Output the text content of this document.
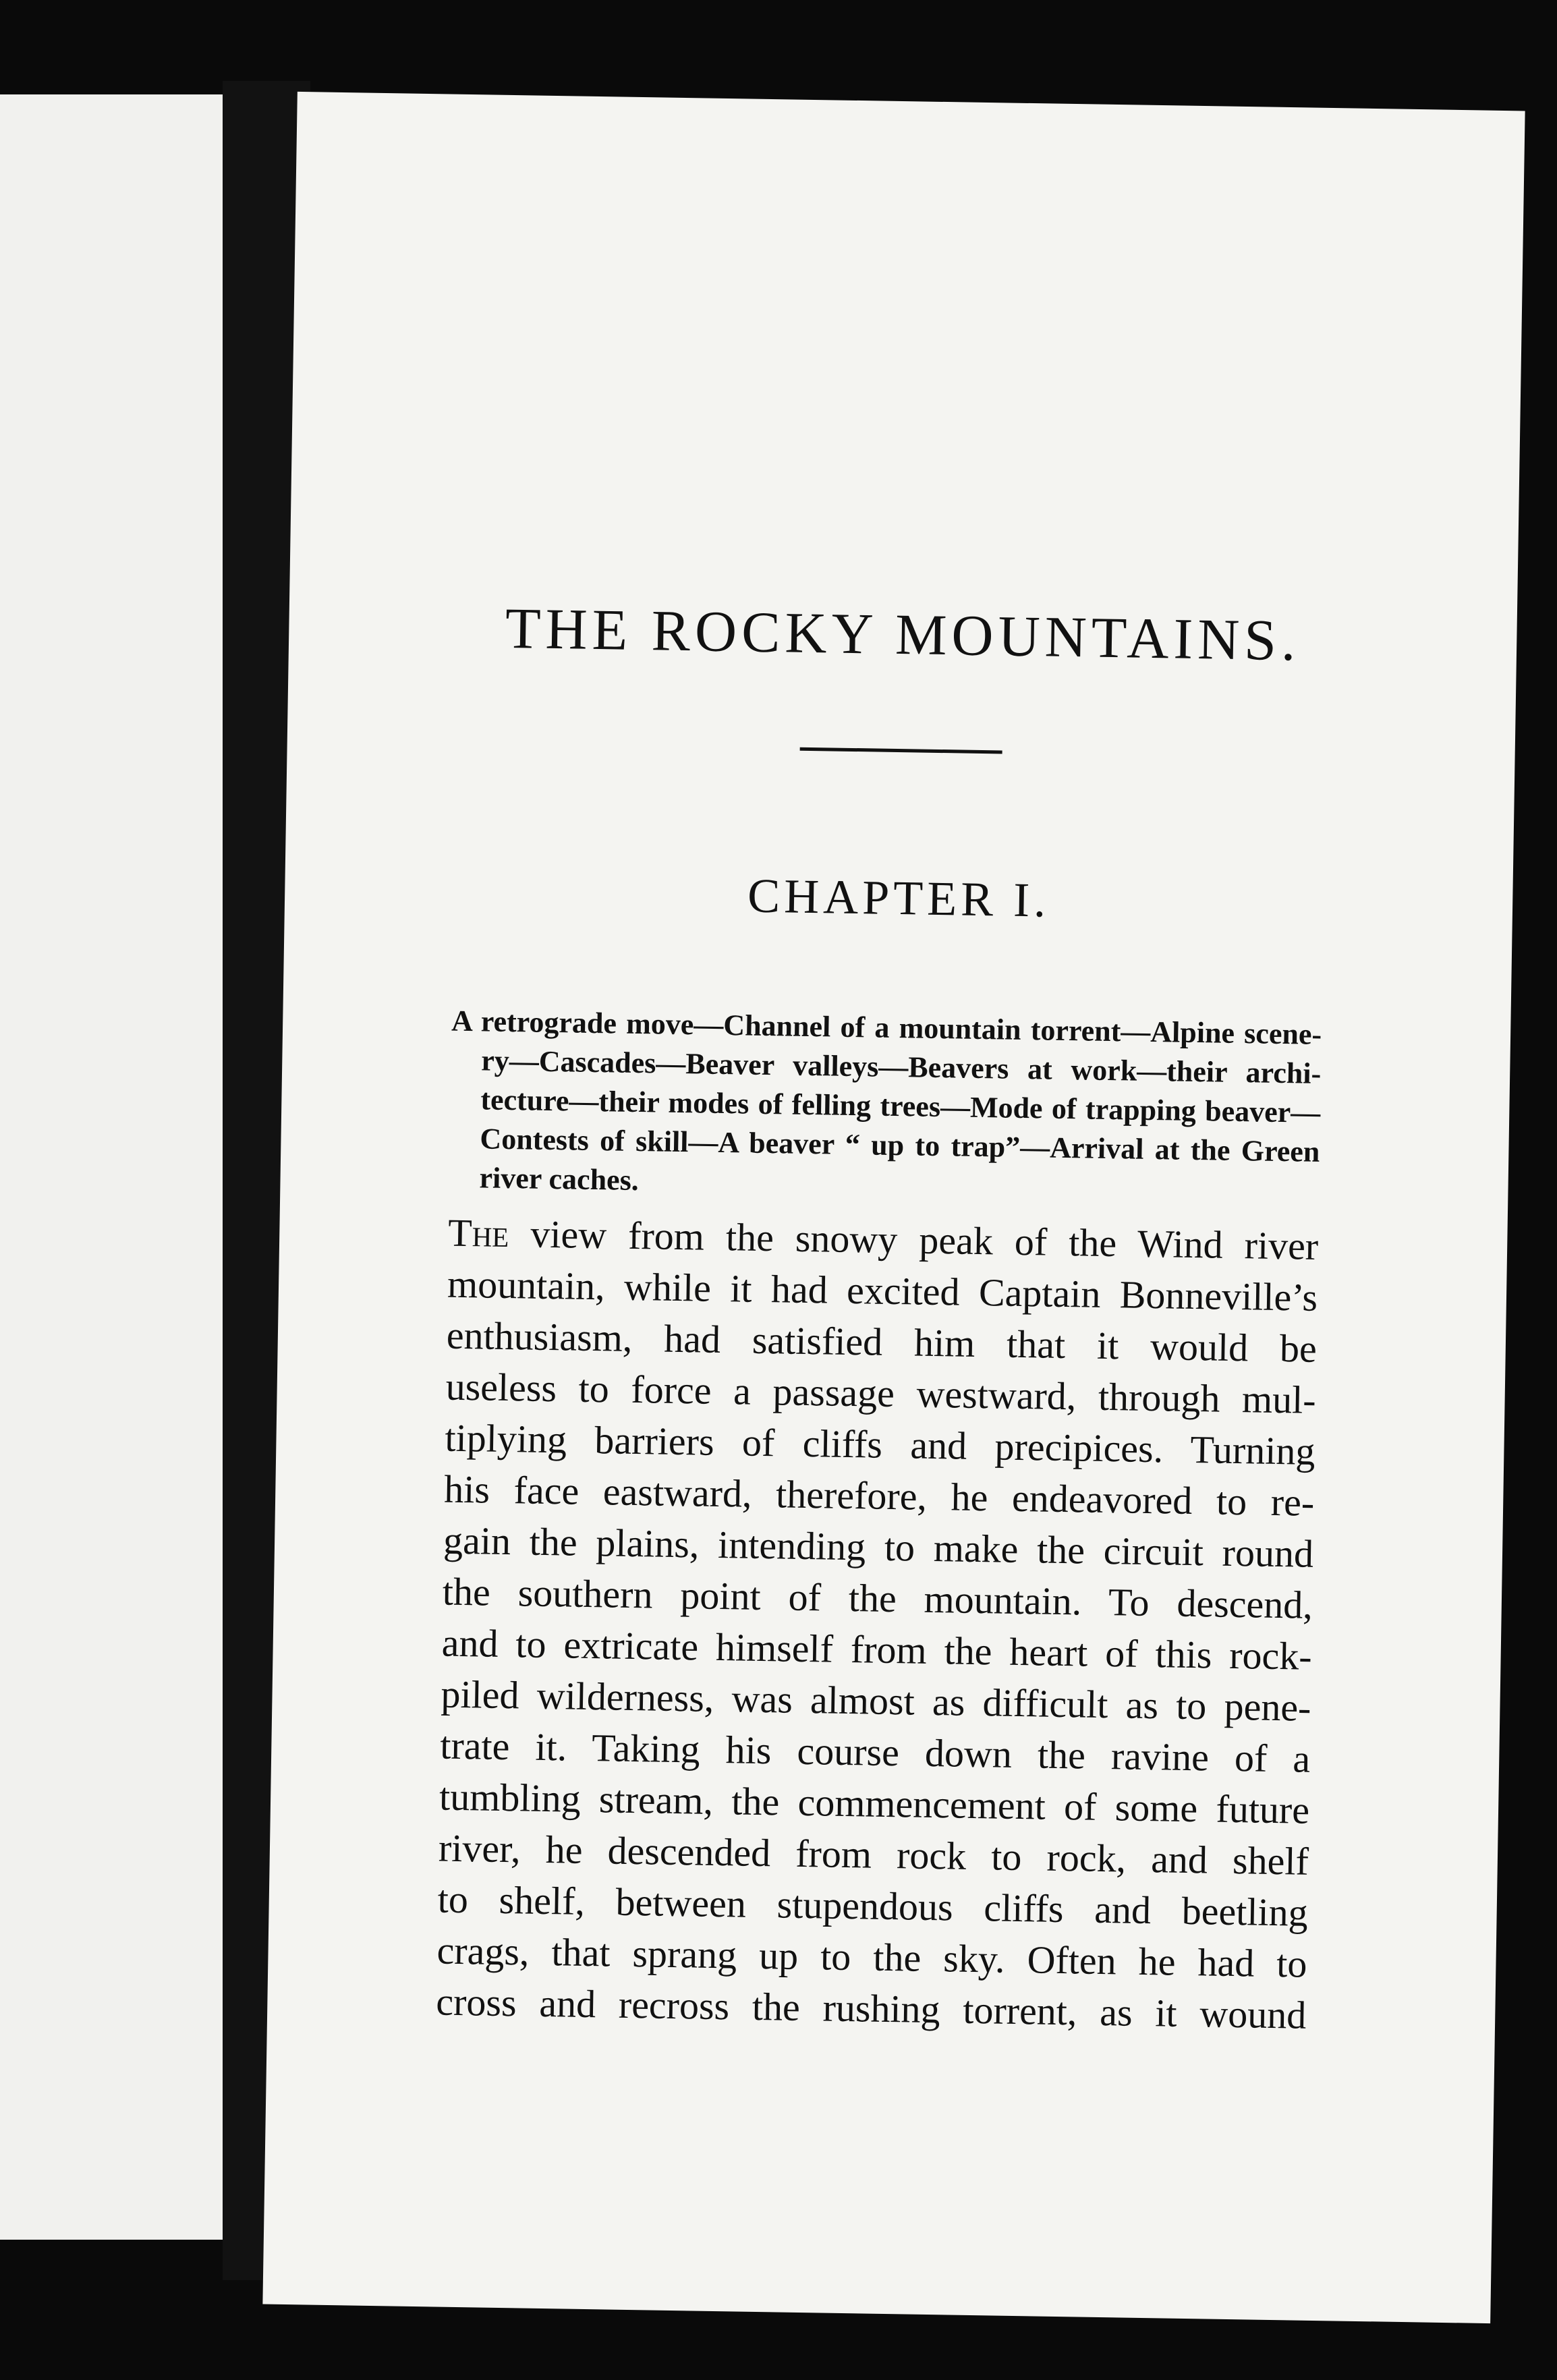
THE ROCKY MOUNTAINS.
CHAPTER I.

A retrograde move—Channel of a mountain torrent—Alpine scene-
ry—Cascades—Beaver valleys—Beavers at work—their archi-
tecture—their modes of felling trees—Mode of trapping beaver—
Contests of skill—A beaver “ up to trap”—Arrival at the Green
river caches.

The view from the snowy peak of the Wind river
mountain, while it had excited Captain Bonneville’s
enthusiasm, had satisfied him that it would be
useless to force a passage westward, through mul-
tiplying barriers of cliffs and precipices. Turning
his face eastward, therefore, he endeavored to re-
gain the plains, intending to make the circuit round
the southern point of the mountain. To descend,
and to extricate himself from the heart of this rock-
piled wilderness, was almost as difficult as to pene-
trate it. Taking his course down the ravine of a
tumbling stream, the commencement of some future
river, he descended from rock to rock, and shelf
to shelf, between stupendous cliffs and beetling
crags, that sprang up to the sky. Often he had to
cross and recross the rushing torrent, as it wound
